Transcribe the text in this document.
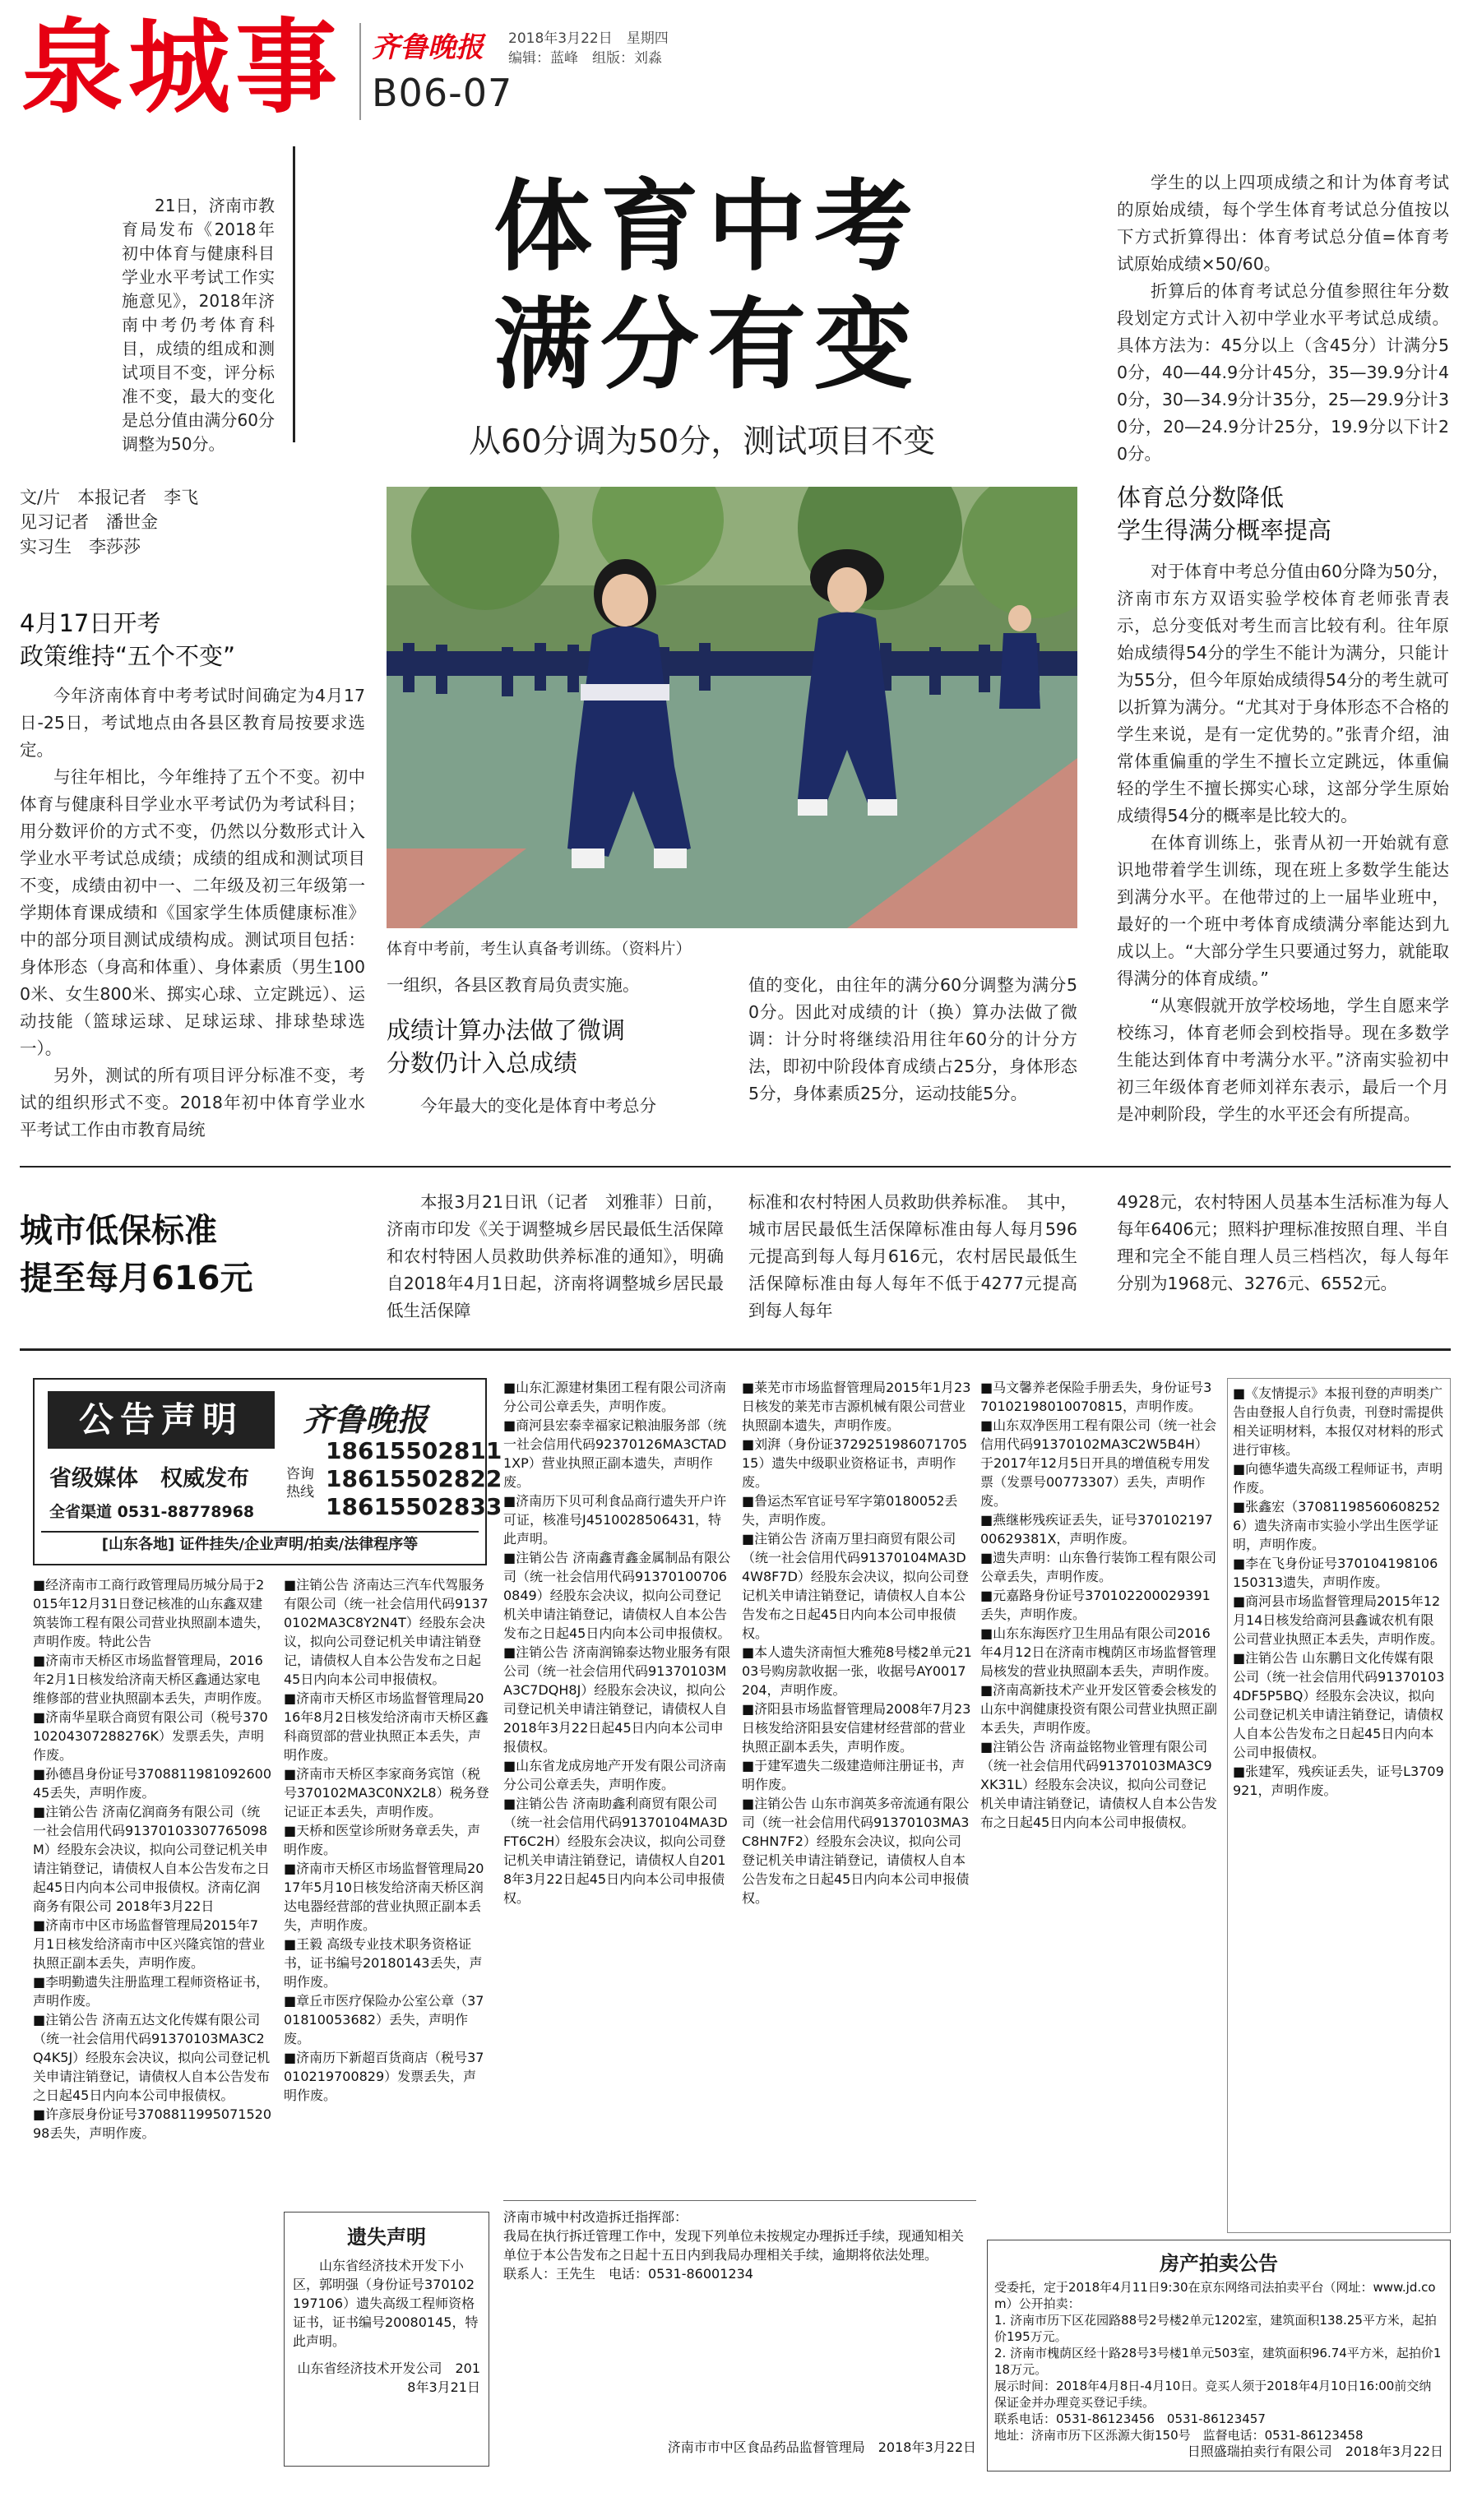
泉城事 齐鲁晚报 2018年3月22日　星期四
编辑：蓝峰　组版：刘淼
B06-07
21日，济南市教育局发布《2018年初中体育与健康科目学业水平考试工作实施意见》，2018年济南中考仍考体育科目，成绩的组成和测试项目不变，评分标准不变，最大的变化是总分值由满分60分调整为50分。
文/片　本报记者　李飞
见习记者　潘世金
实习生　李莎莎
体育中考
满分有变
从60分调为50分，测试项目不变
体育中考前，考生认真备考训练。（资料片）
4月17日开考
政策维持“五个不变”

今年济南体育中考考试时间确定为4月17日-25日，考试地点由各县区教育局按要求选定。

与往年相比，今年维持了五个不变。初中体育与健康科目学业水平考试仍为考试科目；用分数评价的方式不变，仍然以分数形式计入学业水平考试总成绩；成绩的组成和测试项目不变，成绩由初中一、二年级及初三年级第一学期体育课成绩和《国家学生体质健康标准》中的部分项目测试成绩构成。测试项目包括：身体形态（身高和体重）、身体素质（男生1000米、女生800米、掷实心球、立定跳远）、运动技能（篮球运球、足球运球、排球垫球选一）。

另外，测试的所有项目评分标准不变，考试的组织形式不变。2018年初中体育学业水平考试工作由市教育局统

一组织，各县区教育局负责实施。

成绩计算办法做了微调
分数仍计入总成绩

今年最大的变化是体育中考总分

值的变化，由往年的满分60分调整为满分50分。因此对成绩的计（换）算办法做了微调：计分时将继续沿用往年60分的计分方法，即初中阶段体育成绩占25分，身体形态5分，身体素质25分，运动技能5分。

学生的以上四项成绩之和计为体育考试的原始成绩，每个学生体育考试总分值按以下方式折算得出：体育考试总分值=体育考试原始成绩×50/60。

折算后的体育考试总分值参照往年分数段划定方式计入初中学业水平考试总成绩。具体方法为：45分以上（含45分）计满分50分，40—44.9分计45分，35—39.9分计40分，30—34.9分计35分，25—29.9分计30分，20—24.9分计25分，19.9分以下计20分。

体育总分数降低
学生得满分概率提高

对于体育中考总分值由60分降为50分，济南市东方双语实验学校体育老师张青表示，总分变低对考生而言比较有利。往年原始成绩得54分的学生不能计为满分，只能计为55分，但今年原始成绩得54分的考生就可以折算为满分。“尤其对于身体形态不合格的学生来说，是有一定优势的。”张青介绍，油常体重偏重的学生不擅长立定跳远，体重偏轻的学生不擅长掷实心球，这部分学生原始成绩得54分的概率是比较大的。

在体育训练上，张青从初一开始就有意识地带着学生训练，现在班上多数学生能达到满分水平。在他带过的上一届毕业班中，最好的一个班中考体育成绩满分率能达到九成以上。“大部分学生只要通过努力，就能取得满分的体育成绩。”

“从寒假就开放学校场地，学生自愿来学校练习，体育老师会到校指导。现在多数学生能达到体育中考满分水平。”济南实验初中初三年级体育老师刘祥东表示，最后一个月是冲刺阶段，学生的水平还会有所提高。

城市低保标准
提至每月616元
本报3月21日讯（记者　刘雅菲）日前，济南市印发《关于调整城乡居民最低生活保障和农村特困人员救助供养标准的通知》，明确自2018年4月1日起，济南将调整城乡居民最低生活保障
标准和农村特困人员救助供养标准。　其中，城市居民最低生活保障标准由每人每月596元提高到每人每月616元，农村居民最低生活保障标准由每人每年不低于4277元提高到每人每年
4928元，农村特困人员基本生活标准为每人每年6406元；照料护理标准按照自理、半自理和完全不能自理人员三档档次，每人每年分别为1968元、3276元、6552元。
公告声明	齐鲁晚报
省级媒体　权威发布	咨询
热线
18615502811
18615502822
18615502833
全省渠道 0531-88778968
[山东各地] 证件挂失/企业声明/拍卖/法律程序等
■经济南市工商行政管理局历城分局于2015年12月31日登记核准的山东鑫双建筑装饰工程有限公司营业执照副本遗失，声明作废。特此公告
■济南市天桥区市场监督管理局，2016年2月1日核发给济南天桥区鑫通达家电维修部的营业执照副本丢失，声明作废。
■济南华星联合商贸有限公司（税号37010204307288276K）发票丢失，声明作废。
■孙德昌身份证号370881198109260045丢失，声明作废。
■注销公告 济南亿润商务有限公司（统一社会信用代码91370103307765098M）经股东会决议，拟向公司登记机关申请注销登记，请债权人自本公告发布之日起45日内向本公司申报债权。济南亿润商务有限公司 2018年3月22日
■济南市中区市场监督管理局2015年7月1日核发给济南市中区兴隆宾馆的营业执照正副本丢失，声明作废。
■李明勤遗失注册监理工程师资格证书，声明作废。
■注销公告 济南五达文化传媒有限公司（统一社会信用代码91370103MA3C2Q4K5J）经股东会决议，拟向公司登记机关申请注销登记，请债权人自本公告发布之日起45日内向本公司申报债权。
■许彦辰身份证号370881199507152098丢失，声明作废。
■注销公告 济南达三汽车代驾服务有限公司（统一社会信用代码91370102MA3C8Y2N4T）经股东会决议，拟向公司登记机关申请注销登记，请债权人自本公告发布之日起45日内向本公司申报债权。
■济南市天桥区市场监督管理局2016年8月2日核发给济南市天桥区鑫科商贸部的营业执照正本丢失，声明作废。
■济南市天桥区李家商务宾馆（税号370102MA3C0NX2L8）税务登记证正本丢失，声明作废。
■天桥和医堂诊所财务章丢失，声明作废。
■济南市天桥区市场监督管理局2017年5月10日核发给济南天桥区润达电器经营部的营业执照正副本丢失，声明作废。
■王毅 高级专业技术职务资格证书，证书编号20180143丢失，声明作废。
■章丘市医疗保险办公室公章（3701810053682）丢失，声明作废。
■济南历下新超百货商店（税号37010219700829）发票丢失，声明作废。
遗失声明
山东省经济技术开发下小区，郭明强（身份证号370102197106）遗失高级工程师资格证书，证书编号20080145，特此声明。
山东省经济技术开发公司　2018年3月21日
■山东汇源建材集团工程有限公司济南分公司公章丢失，声明作废。
■商河县宏泰幸福家记粮油服务部（统一社会信用代码92370126MA3CTAD1XP）营业执照正副本遗失，声明作废。
■济南历下贝可利食品商行遗失开户许可证，核准号J4510028506431，特此声明。
■注销公告 济南鑫青鑫金属制品有限公司（统一社会信用代码913701007060849）经股东会决议，拟向公司登记机关申请注销登记，请债权人自本公告发布之日起45日内向本公司申报债权。
■注销公告 济南润锦泰达物业服务有限公司（统一社会信用代码91370103MA3C7DQH8J）经股东会决议，拟向公司登记机关申请注销登记，请债权人自2018年3月22日起45日内向本公司申报债权。
■山东省龙成房地产开发有限公司济南分公司公章丢失，声明作废。
■注销公告 济南助鑫利商贸有限公司（统一社会信用代码91370104MA3DFT6C2H）经股东会决议，拟向公司登记机关申请注销登记，请债权人自2018年3月22日起45日内向本公司申报债权。
■莱芜市市场监督管理局2015年1月23日核发的莱芜市吉源机械有限公司营业执照副本遗失，声明作废。
■刘湃（身份证372925198607170515）遗失中级职业资格证书，声明作废。
■鲁运杰军官证号军字第0180052丢失，声明作废。
■注销公告 济南万里扫商贸有限公司（统一社会信用代码91370104MA3D4W8F7D）经股东会决议，拟向公司登记机关申请注销登记，请债权人自本公告发布之日起45日内向本公司申报债权。
■本人遗失济南恒大雅苑8号楼2单元2103号购房款收据一张，收据号AY0017204，声明作废。
■济阳县市场监督管理局2008年7月23日核发给济阳县安信建材经营部的营业执照正副本丢失，声明作废。
■于建军遗失二级建造师注册证书，声明作废。
■注销公告 山东市润英多帝流通有限公司（统一社会信用代码91370103MA3C8HN7F2）经股东会决议，拟向公司登记机关申请注销登记，请债权人自本公告发布之日起45日内向本公司申报债权。
■马文馨养老保险手册丢失，身份证号370102198010070815，声明作废。
■山东双净医用工程有限公司（统一社会信用代码91370102MA3C2W5B4H）于2017年12月5日开具的增值税专用发票（发票号00773307）丢失，声明作废。
■燕继彬残疾证丢失，证号37010219700629381X，声明作废。
■遗失声明：山东鲁行装饰工程有限公司公章丢失，声明作废。
■元嘉路身份证号370102200029391丢失，声明作废。
■山东东海医疗卫生用品有限公司2016年4月12日在济南市槐荫区市场监督管理局核发的营业执照副本丢失，声明作废。
■济南高新技术产业开发区管委会核发的山东中润健康投资有限公司营业执照正副本丢失，声明作废。
■注销公告 济南益铭物业管理有限公司（统一社会信用代码91370103MA3C9XK31L）经股东会决议，拟向公司登记机关申请注销登记，请债权人自本公告发布之日起45日内向本公司申报债权。
■《友情提示》本报刊登的声明类广告由登报人自行负责，刊登时需提供相关证明材料，本报仅对材料的形式进行审核。
■向德华遗失高级工程师证书，声明作废。
■张鑫宏（370811985606082526）遗失济南市实验小学出生医学证明，声明作废。
■李在飞身份证号370104198106150313遗失，声明作废。
■商河县市场监督管理局2015年12月14日核发给商河县鑫诚农机有限公司营业执照正本丢失，声明作废。
■注销公告 山东鹏日文化传媒有限公司（统一社会信用代码913701034DF5P5BQ）经股东会决议，拟向公司登记机关申请注销登记，请债权人自本公告发布之日起45日内向本公司申报债权。
■张建军，残疾证丢失，证号L3709921，声明作废。
济南市城中村改造拆迁指挥部：
我局在执行拆迁管理工作中，发现下列单位未按规定办理拆迁手续，现通知相关单位于本公告发布之日起十五日内到我局办理相关手续，逾期将依法处理。
联系人：王先生　电话：0531-86001234
济南市市中区食品药品监督管理局　2018年3月22日
房产拍卖公告
受委托，定于2018年4月11日9:30在京东网络司法拍卖平台（网址：www.jd.com）公开拍卖：
1. 济南市历下区花园路88号2号楼2单元1202室，建筑面积138.25平方米，起拍价195万元。
2. 济南市槐荫区经十路28号3号楼1单元503室，建筑面积96.74平方米，起拍价118万元。
展示时间：2018年4月8日-4月10日。竞买人须于2018年4月10日16:00前交纳保证金并办理竞买登记手续。
联系电话：0531-86123456　0531-86123457
地址：济南市历下区泺源大街150号　监督电话：0531-86123458
日照盛瑞拍卖行有限公司　2018年3月22日
